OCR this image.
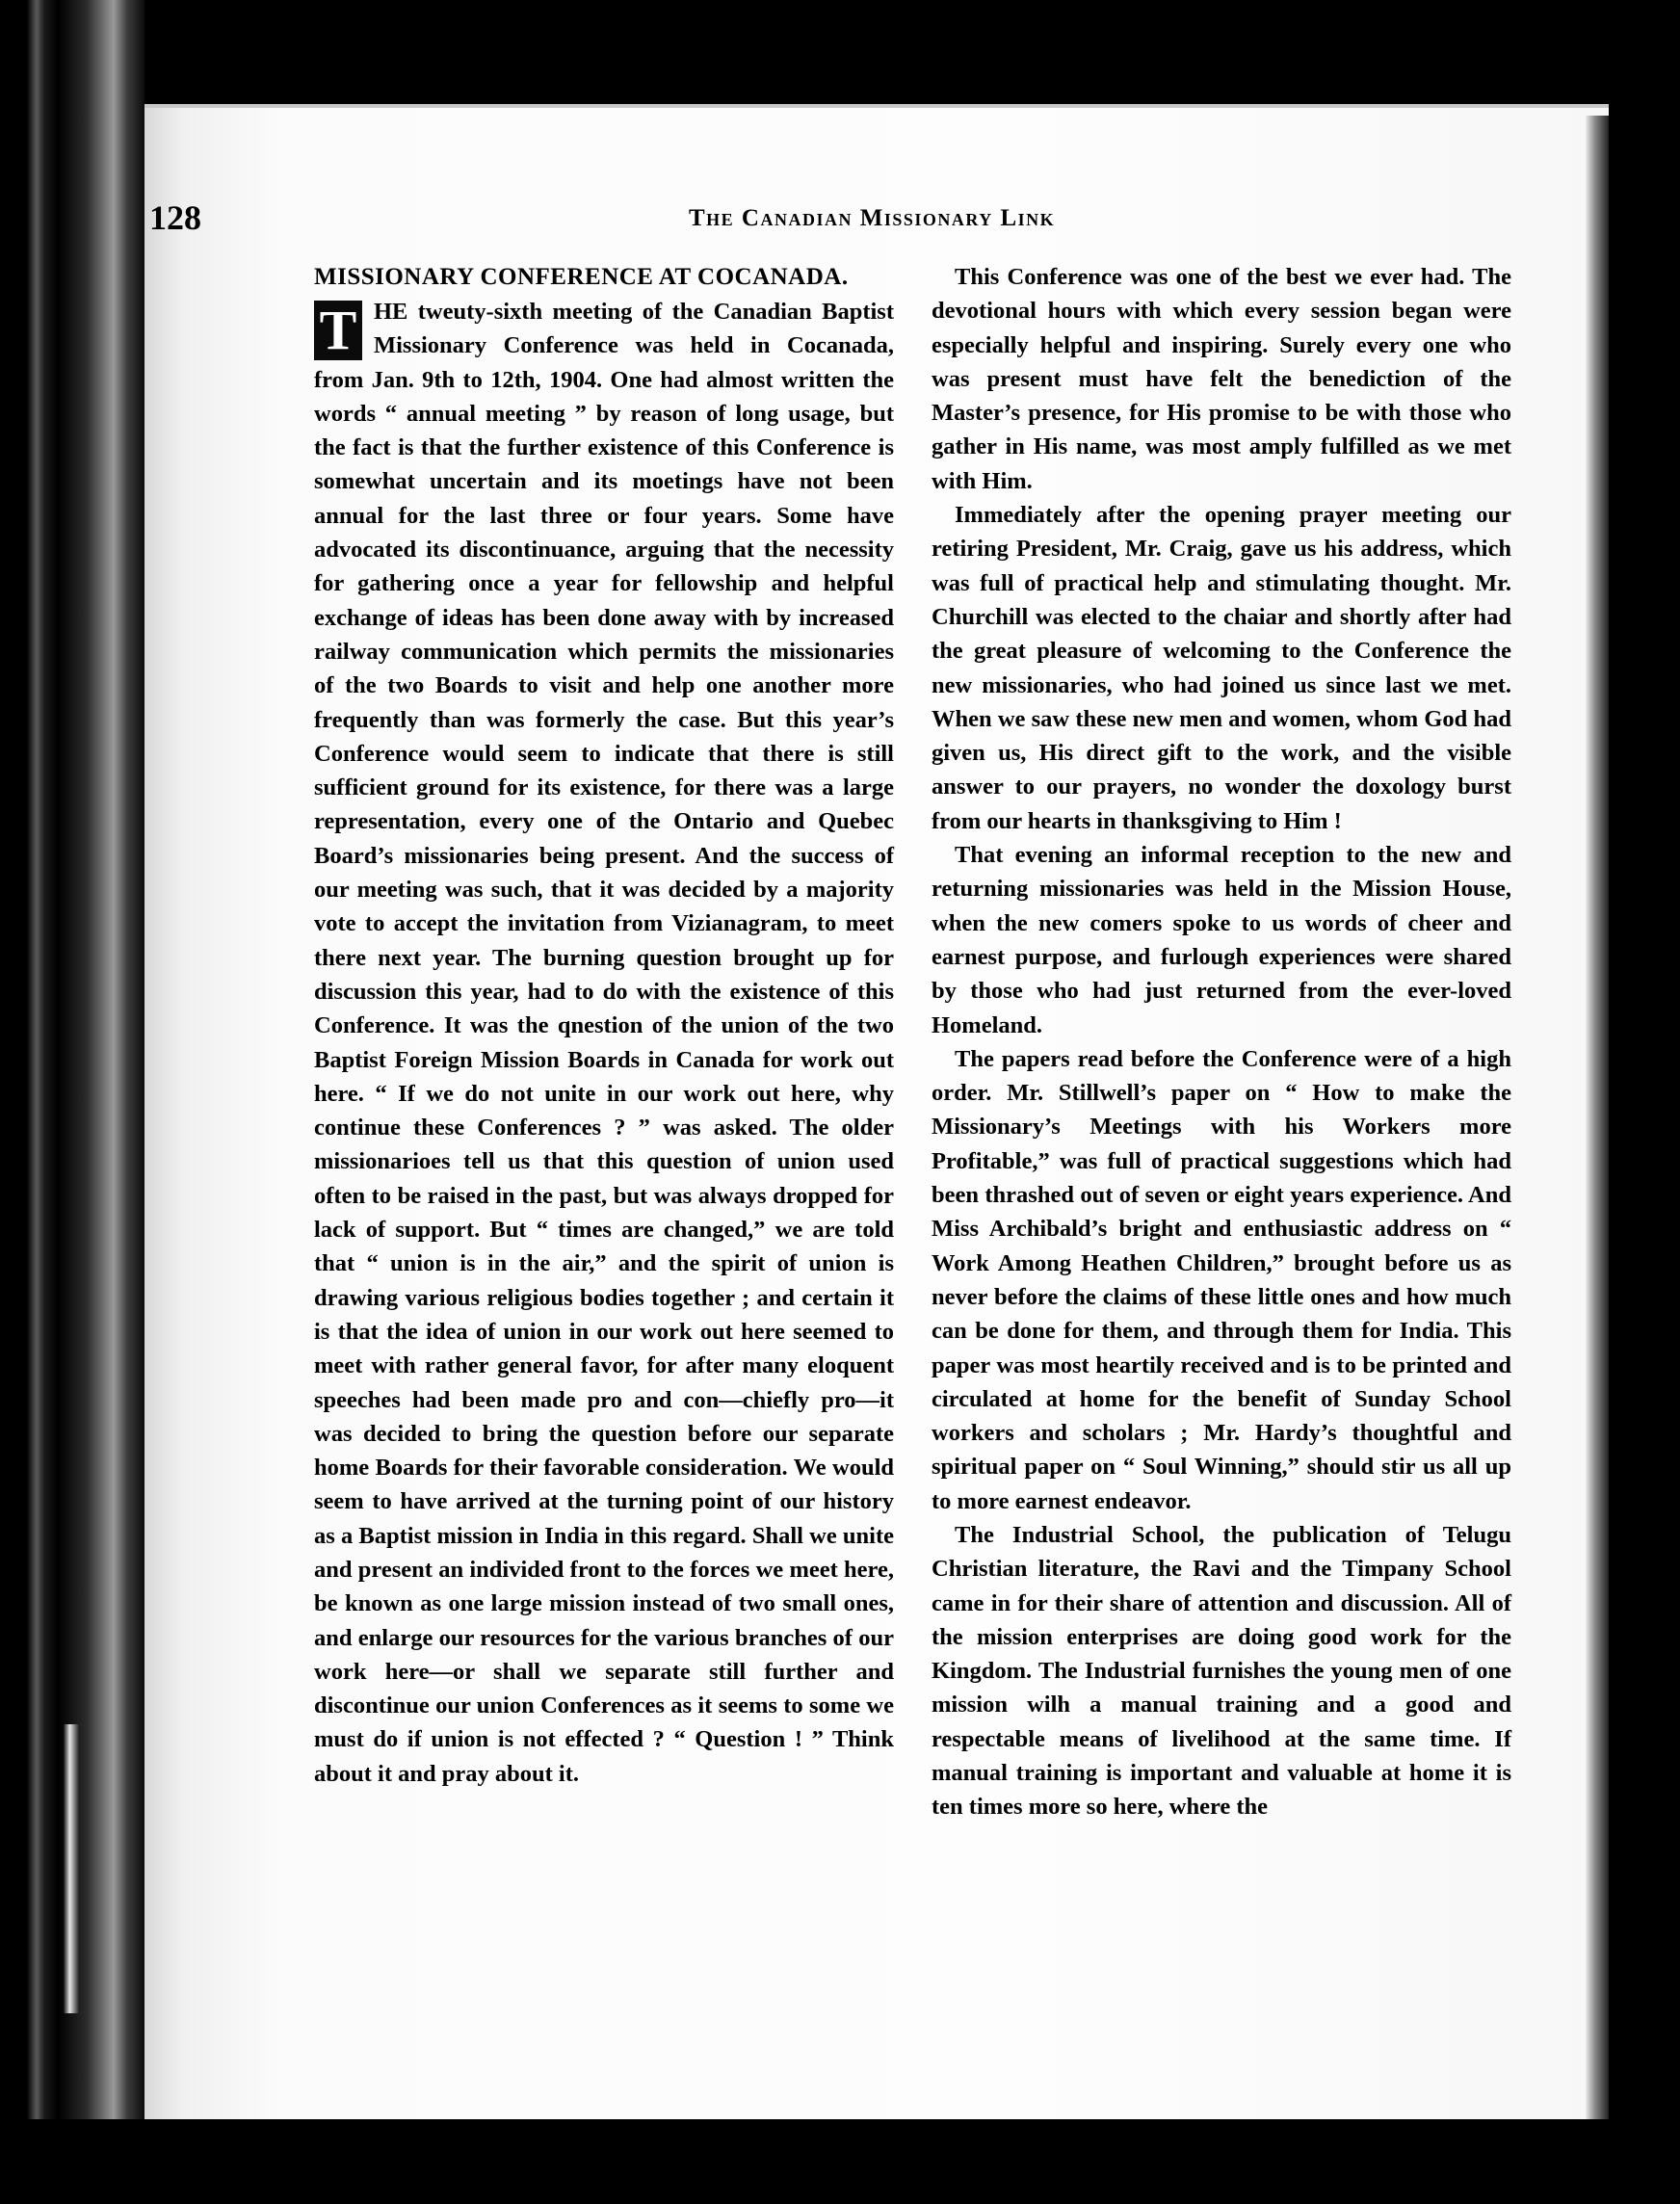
128	The Canadian Missionary Link
MISSIONARY CONFERENCE AT COCANADA.

T HE tweuty-sixth meeting of the Canadian Baptist Missionary Conference was held in Cocanada, from Jan. 9th to 12th, 1904. One had almost written the words “ annual meeting ” by reason of long usage, but the fact is that the further existence of this Conference is somewhat uncertain and its moetings have not been annual for the last three or four years. Some have advocated its discontinuance, arguing that the necessity for gathering once a year for fellowship and helpful exchange of ideas has been done away with by increased railway communication which permits the missionaries of the two Boards to visit and help one another more frequently than was formerly the case. But this year’s Conference would seem to indicate that there is still sufficient ground for its existence, for there was a large representation, every one of the Ontario and Quebec Board’s missionaries being present. And the success of our meeting was such, that it was decided by a majority vote to accept the invitation from Vizianagram, to meet there next year. The burning question brought up for discussion this year, had to do with the existence of this Conference. It was the qnestion of the union of the two Baptist Foreign Mission Boards in Canada for work out here. “ If we do not unite in our work out here, why continue these Conferences ? ” was asked. The older missionarioes tell us that this question of union used often to be raised in the past, but was always dropped for lack of support. But “ times are changed,” we are told that “ union is in the air,” and the spirit of union is drawing various religious bodies together ; and certain it is that the idea of union in our work out here seemed to meet with rather general favor, for after many eloquent speeches had been made pro and con—chiefly pro—it was decided to bring the question before our separate home Boards for their favorable consideration. We would seem to have arrived at the turning point of our history as a Baptist mission in India in this regard. Shall we unite and present an individed front to the forces we meet here, be known as one large mission instead of two small ones, and enlarge our resources for the various branches of our work here—or shall we separate still further and discontinue our union Conferences as it seems to some we must do if union is not effected ? “ Question ! ” Think about it and pray about it.

This Conference was one of the best we ever had. The devotional hours with which every session began were especially helpful and inspiring. Surely every one who was present must have felt the benediction of the Master’s presence, for His promise to be with those who gather in His name, was most amply fulfilled as we met with Him.

Immediately after the opening prayer meeting our retiring President, Mr. Craig, gave us his address, which was full of practical help and stimulating thought. Mr. Churchill was elected to the chaiar and shortly after had the great pleasure of welcoming to the Conference the new missionaries, who had joined us since last we met. When we saw these new men and women, whom God had given us, His direct gift to the work, and the visible answer to our prayers, no wonder the doxology burst from our hearts in thanksgiving to Him !

That evening an informal reception to the new and returning missionaries was held in the Mission House, when the new comers spoke to us words of cheer and earnest purpose, and furlough experiences were shared by those who had just returned from the ever-loved Homeland.

The papers read before the Conference were of a high order. Mr. Stillwell’s paper on “ How to make the Missionary’s Meetings with his Workers more Profitable,” was full of practical suggestions which had been thrashed out of seven or eight years experience. And Miss Archibald’s bright and enthusiastic address on “ Work Among Heathen Children,” brought before us as never before the claims of these little ones and how much can be done for them, and through them for India. This paper was most heartily received and is to be printed and circulated at home for the benefit of Sunday School workers and scholars ; Mr. Hardy’s thoughtful and spiritual paper on “ Soul Winning,” should stir us all up to more earnest endeavor.

The Industrial School, the publication of Telugu Christian literature, the Ravi and the Timpany School came in for their share of attention and discussion. All of the mission enterprises are doing good work for the Kingdom. The Industrial furnishes the young men of one mission wilh a manual training and a good and respectable means of livelihood at the same time. If manual training is important and valuable at home it is ten times more so here, where the
